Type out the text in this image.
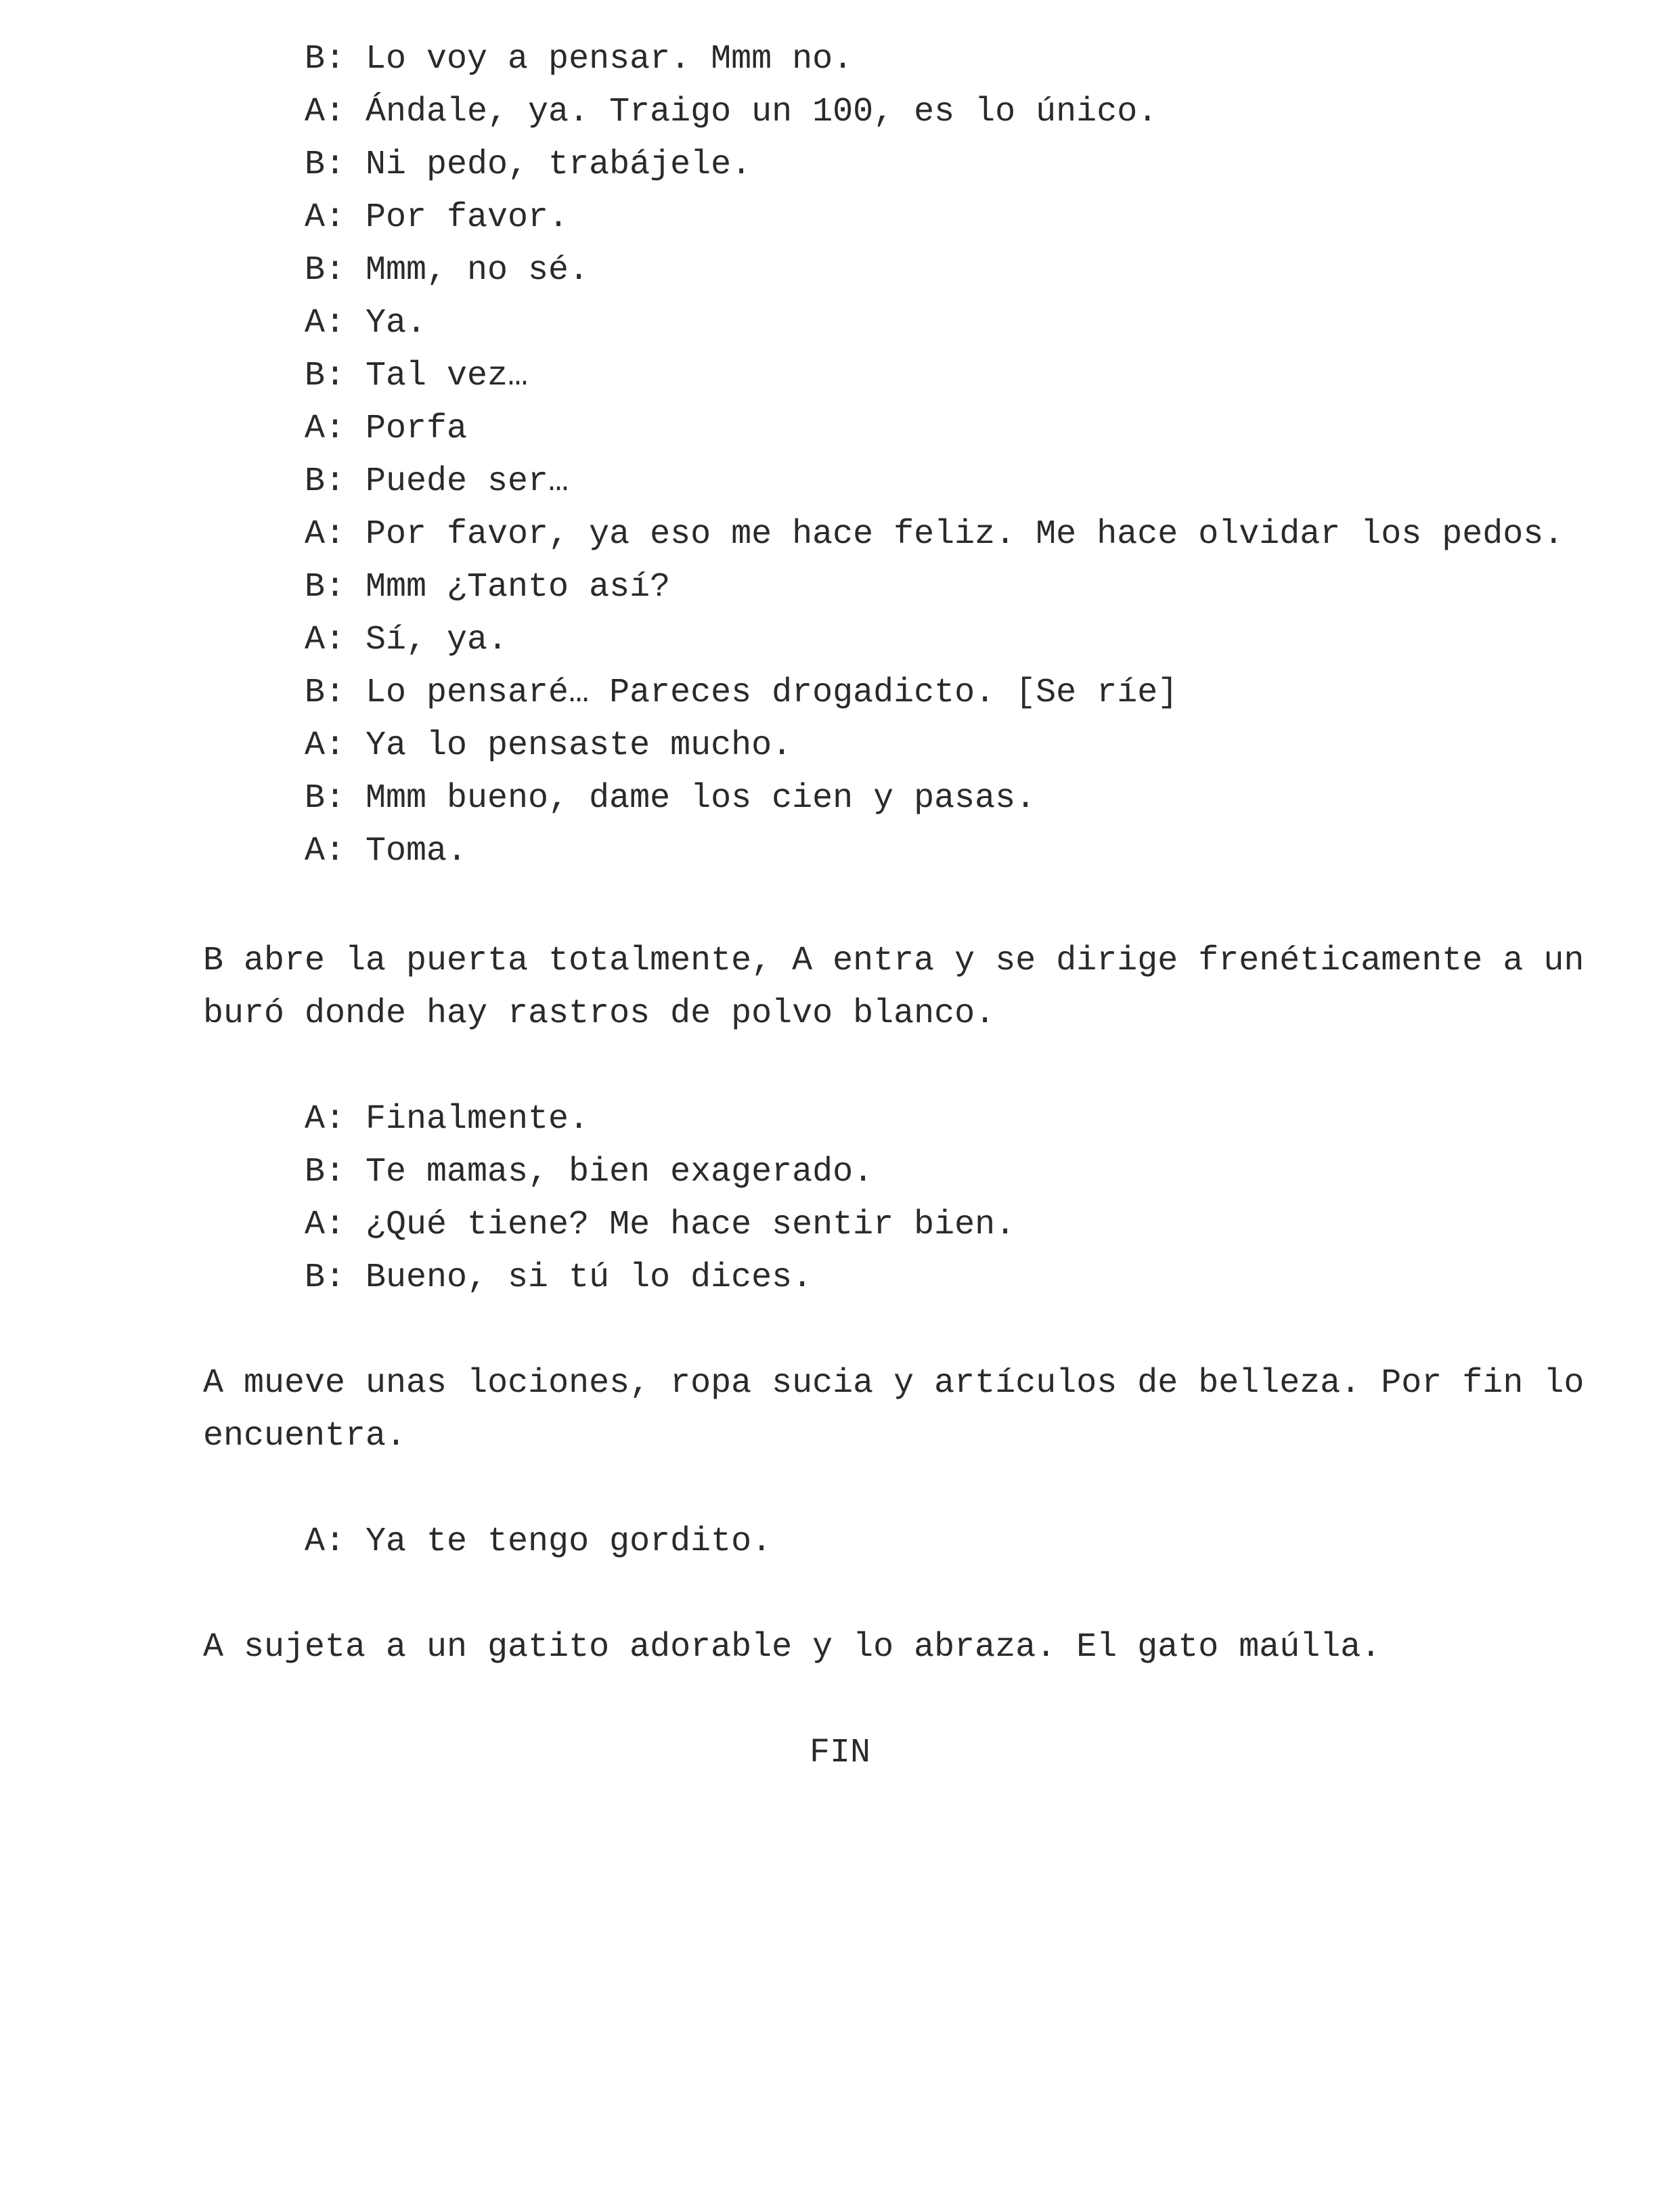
B: Lo voy a pensar. Mmm no.

A: Ándale, ya. Traigo un 100, es lo único.

B: Ni pedo, trabájele.

A: Por favor.

B: Mmm, no sé.

A: Ya.

B: Tal vez…

A: Porfa

B: Puede ser…

A: Por favor, ya eso me hace feliz. Me hace olvidar los pedos.

B: Mmm ¿Tanto así?

A: Sí, ya.

B: Lo pensaré… Pareces drogadicto. [Se ríe]

A: Ya lo pensaste mucho.

B: Mmm bueno, dame los cien y pasas.

A: Toma.

B abre la puerta totalmente, A entra y se dirige frenéticamente a un

buró donde hay rastros de polvo blanco.

A: Finalmente.

B: Te mamas, bien exagerado.

A: ¿Qué tiene? Me hace sentir bien.

B: Bueno, si tú lo dices.

A mueve unas lociones, ropa sucia y artículos de belleza. Por fin lo

encuentra.

A: Ya te tengo gordito.

A sujeta a un gatito adorable y lo abraza. El gato maúlla.

FIN
